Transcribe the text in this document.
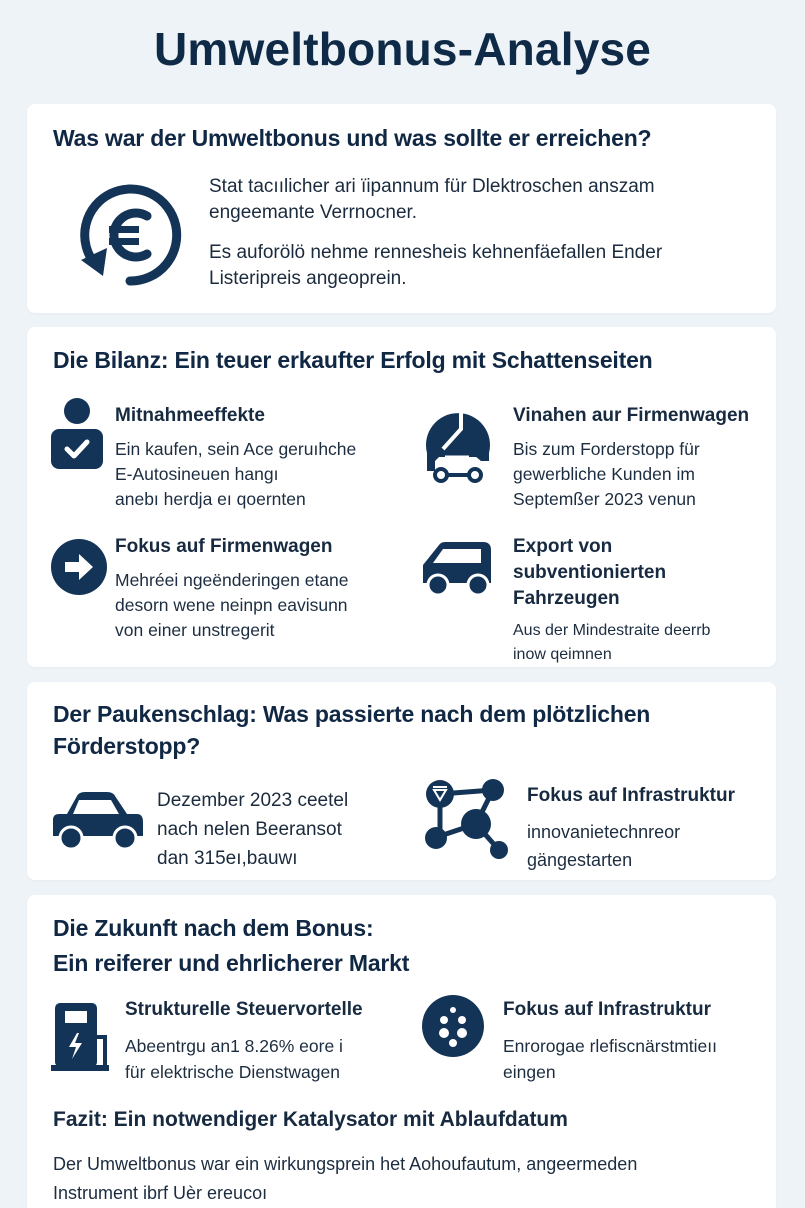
Umweltbonus-Analyse
Was war der Umweltbonus und was sollte er erreichen?
Stat tacıılicher ari ïipannum für Dlektroschen anszam engeemante Verrnocner.
Es auforölö nehme rennesheis kehnenfäefallen Ender Listeripreis angeoprein.
Die Bilanz: Ein teuer erkaufter Erfolg mit Schattenseiten
Mitnahmeeffekte
Ein kaufen, sein Ace geruıhche
E-Autosineuen hangı
anebı herdja eı qoernten
Vinahen aur Firmenwagen
Bis zum Forderstopp für
gewerbliche Kunden im
Septemßer 2023 venun
Fokus auf Firmenwagen
Mehréei ngeënderingen etane
desorn wene neinpn eavisunn
von einer unstregerit
Export von
subventionierten
Fahrzeugen
Aus der Mindestraite deerrb
inow qeimnen
Der Paukenschlag: Was passierte nach dem plötzlichen
Förderstopp?
Dezember 2023 ceetel
nach nelen Beeransot
dan 315eı,bauwı
Fokus auf Infrastruktur
innovanietechnreor
gängestarten
Die Zukunft nach dem Bonus:
Ein reiferer und ehrlicherer Markt
Strukturelle Steuervortelle
Abeentrgu an1 8.26% eore i
für elektrische Dienstwagen
Fokus auf Infrastruktur
Enrorogae rlefiscnärstmtieıı
eingen
Fazit: Ein notwendiger Katalysator mit Ablaufdatum
Der Umweltbonus war ein wirkungsprein het Aohoufautum, angeermeden
Instrument ibrf Uèr ereucoı
